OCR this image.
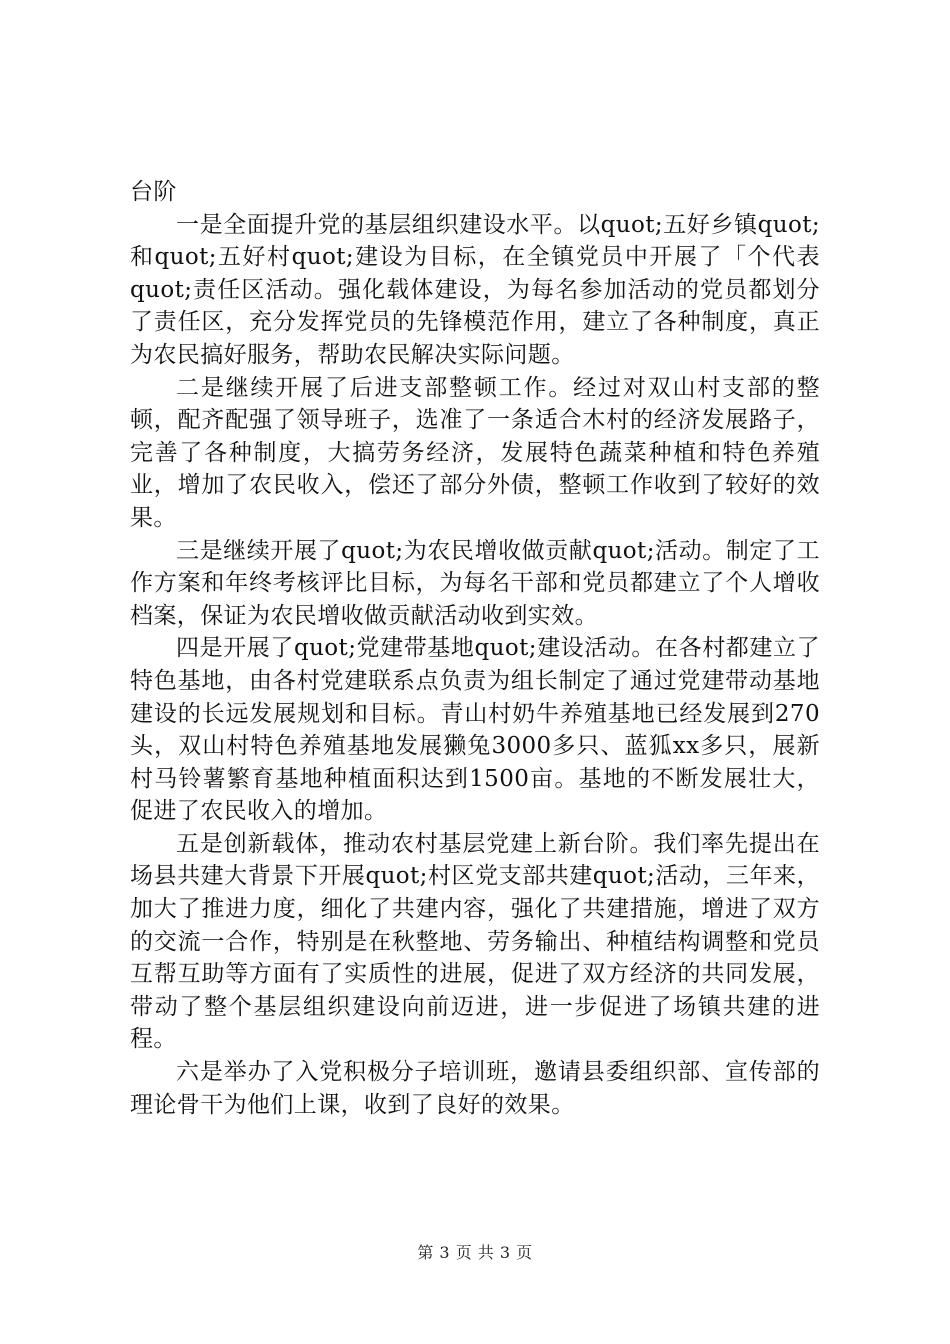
台阶

一是全面提升党的基层组织建设水平。以quot;五好乡镇quot;和quot;五好村quot;建设为目标，在全镇党员中开展了「个代表quot;责任区活动。强化载体建设，为每名参加活动的党员都划分了责任区，充分发挥党员的先锋模范作用，建立了各种制度，真正为农民搞好服务，帮助农民解决实际问题。

二是继续开展了后进支部整顿工作。经过对双山村支部的整顿，配齐配强了领导班子，选准了一条适合木村的经济发展路子，完善了各种制度，大搞劳务经济，发展特色蔬菜种植和特色养殖业，增加了农民收入，偿还了部分外债，整顿工作收到了较好的效果。

三是继续开展了quot;为农民增收做贡献quot;活动。制定了工作方案和年终考核评比目标，为每名干部和党员都建立了个人增收档案，保证为农民增收做贡献活动收到实效。

四是开展了quot;党建带基地quot;建设活动。在各村都建立了特色基地，由各村党建联系点负责为组长制定了通过党建带动基地建设的长远发展规划和目标。青山村奶牛养殖基地已经发展到270头，双山村特色养殖基地发展獭兔3000多只、蓝狐xx多只，展新村马铃薯繁育基地种植面积达到1500亩。基地的不断发展壮大，促进了农民收入的增加。

五是创新载体，推动农村基层党建上新台阶。我们率先提出在场县共建大背景下开展quot;村区党支部共建quot;活动，三年来，加大了推进力度，细化了共建内容，强化了共建措施，增进了双方的交流一合作，特别是在秋整地、劳务输出、种植结构调整和党员互帮互助等方面有了实质性的进展，促进了双方经济的共同发展，带动了整个基层组织建设向前迈进，进一步促进了场镇共建的进程。

六是举办了入党积极分子培训班，邀请县委组织部、宣传部的理论骨干为他们上课，收到了良好的效果。

第 3 页 共 3 页
